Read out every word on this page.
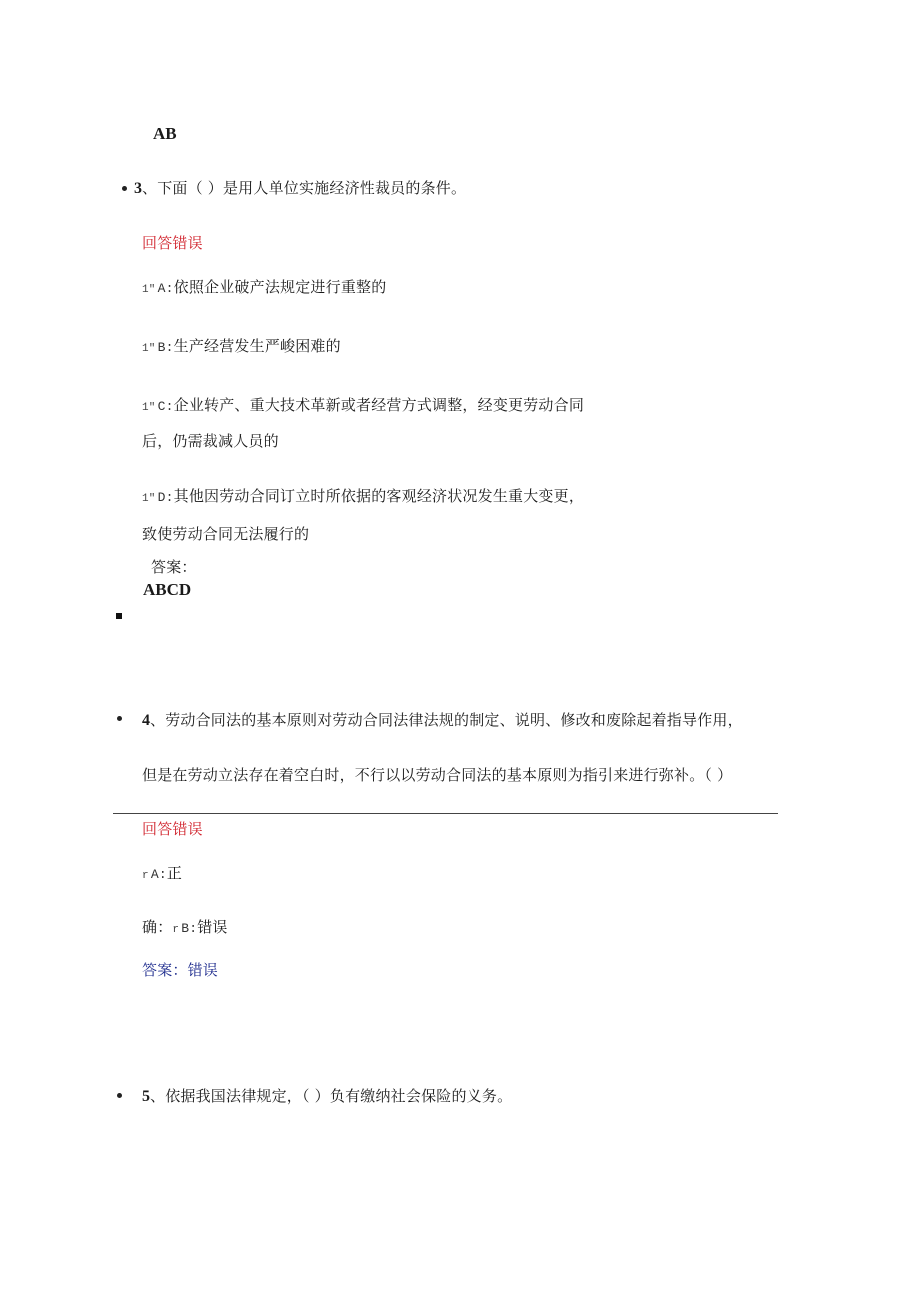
AB
3、下面（ ）是用人单位实施经济性裁员的条件。
回答错误
1" A:依照企业破产法规定进行重整的
1" B:生产经营发生严峻困难的
1" C:企业转产、重大技术革新或者经营方式调整，经变更劳动合同
后，仍需裁减人员的
1" D:其他因劳动合同订立时所依据的客观经济状况发生重大变更，
致使劳动合同无法履行的
答案：
ABCD
4、劳动合同法的基本原则对劳动合同法律法规的制定、说明、修改和废除起着指导作用，
但是在劳动立法存在着空白时，不行以以劳动合同法的基本原则为指引来进行弥补。（ ）
回答错误
r A:正
确：r B:错误
答案：错误
5、依据我国法律规定，（ ）负有缴纳社会保险的义务。
